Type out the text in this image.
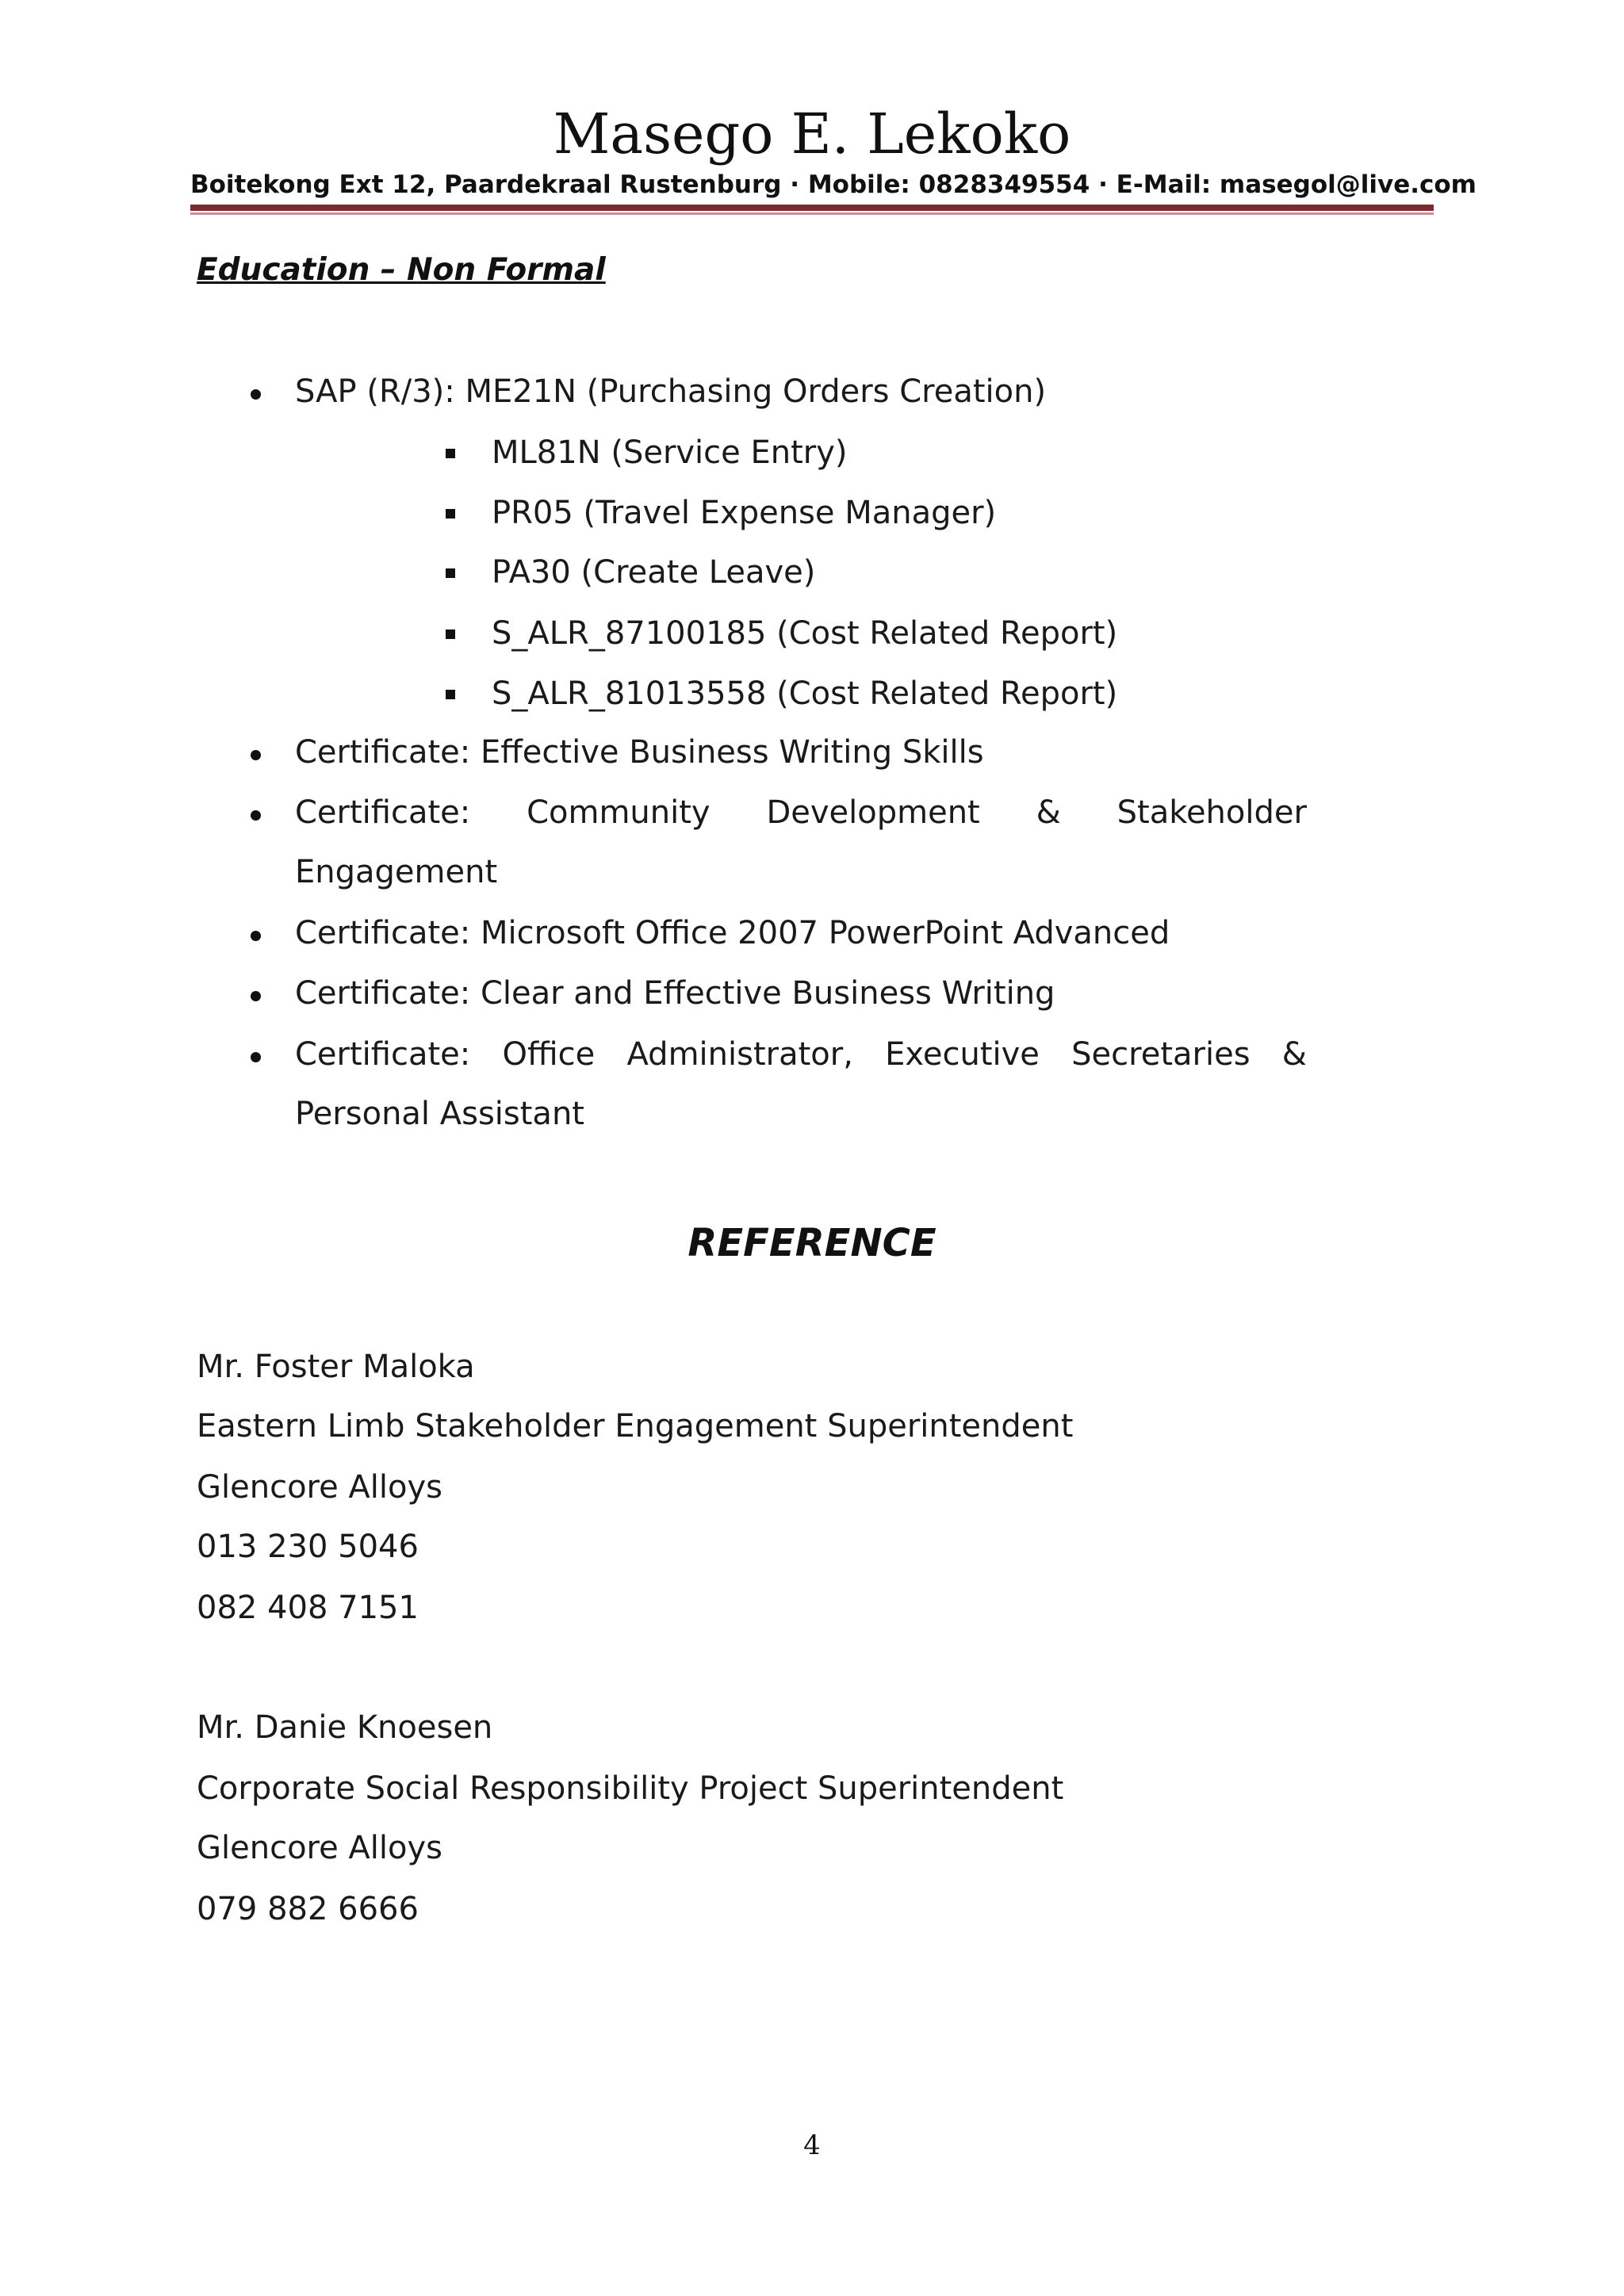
Masego E. Lekoko
Boitekong Ext 12, Paardekraal Rustenburg · Mobile: 0828349554 · E-Mail: masegol@live.com
Education – Non Formal
SAP (R/3): ME21N (Purchasing Orders Creation)
ML81N (Service Entry)
PR05 (Travel Expense Manager)
PA30 (Create Leave)
S_ALR_87100185 (Cost Related Report)
S_ALR_81013558 (Cost Related Report)
Certificate: Effective Business Writing Skills
Certificate: Community Development & Stakeholder
Engagement
Certificate: Microsoft Office 2007 PowerPoint Advanced
Certificate: Clear and Effective Business Writing
Certificate: Office Administrator, Executive Secretaries &
Personal Assistant
REFERENCE
Mr. Foster Maloka
Eastern Limb Stakeholder Engagement Superintendent
Glencore Alloys
013 230 5046
082 408 7151
Mr. Danie Knoesen
Corporate Social Responsibility Project Superintendent
Glencore Alloys
079 882 6666
4
